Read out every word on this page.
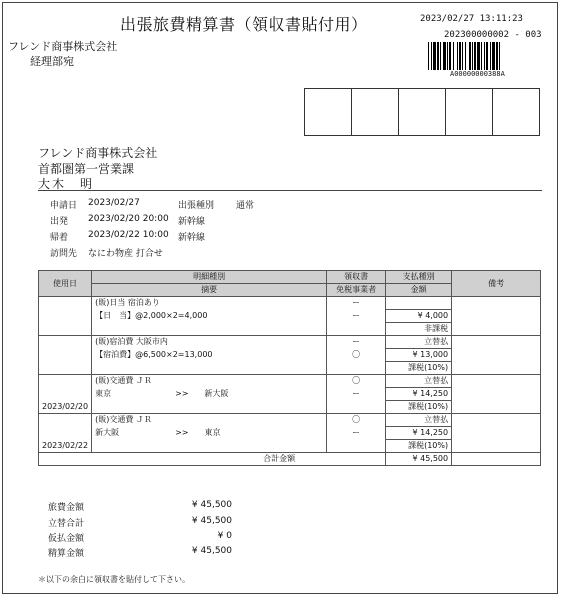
出張旅費精算書（領収書貼付用）	2023/02/27 13:11:23
202300000002 - 003
フレンド商事株式会社
経理部宛
A00000000388A
フレンド商事株式会社
首都圏第一営業課
大木　明
申請日 2023/02/27	出張種別 通常
出発 2023/02/20 20:00 新幹線
帰着 2023/02/22 10:00 新幹線
訪問先 なにわ物産 打合せ
使用日	明細種別	領収書	支払種別	備考
	摘要	免税事業者	金額	
	(販)日当 宿泊あり	ー		
	【日　当】@2,000×2=4,000	ー	¥ 4,000	
			非課税	
	(販)宿泊費 大阪市内	ー	立替払	
	【宿泊費】@6,500×2=13,000	〇	¥ 13,000	
			課税(10%)	
2023/02/20	(販)交通費 ＪＲ	〇	立替払	
	東京　　　　　　　　>>　　新大阪	ー	¥ 14,250	
			課税(10%)	
2023/02/22	(販)交通費 ＪＲ	〇	立替払	
	新大阪　　　　　　　>>　　東京	ー	¥ 14,250	
			課税(10%)	
合計金額			¥ 45,500	
旅費金額	¥ 45,500
立替合計	¥ 45,500
仮払金額	¥ 0
精算金額	¥ 45,500
＊以下の余白に領収書を貼付して下さい。
